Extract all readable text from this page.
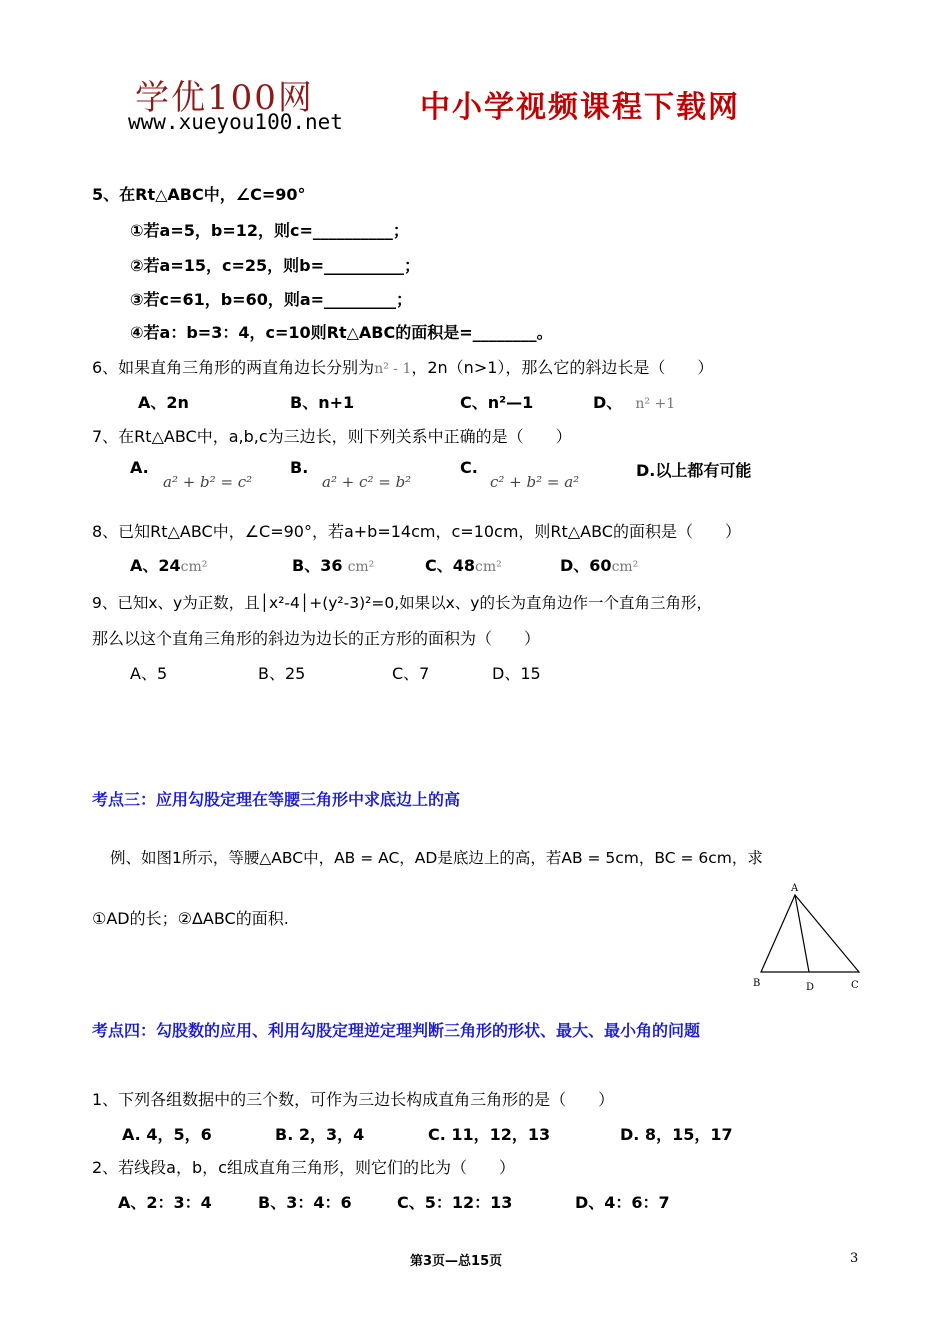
学优100网
www.xueyou100.net	中小学视频课程下载网
5、在Rt△ABC中，∠C=90°
①若a=5，b=12，则c=__________；
②若a=15，c=25，则b=__________；
③若c=61，b=60，则a=_________；
④若a：b=3：4，c=10则Rt△ABC的面积是=________。
6、如果直角三角形的两直角边长分别为n² - 1，2n（n>1），那么它的斜边长是（　　）
A、2n	B、n+1	C、n²—1	D、 n² +1
7、在Rt△ABC中，a,b,c为三边长，则下列关系中正确的是（　　）
A.
a² + b² = c²
B.
a² + c² = b²
C.
c² + b² = a²
D.以上都有可能
8、已知Rt△ABC中，∠C=90°，若a+b=14cm，c=10cm，则Rt△ABC的面积是（　　）
A、24cm²	B、36 cm²	C、48cm²	D、60cm²
9、已知x、y为正数，且│x²-4│+(y²-3)²=0,如果以x、y的长为直角边作一个直角三角形，
那么以这个直角三角形的斜边为边长的正方形的面积为（　　）
A、5	B、25	C、7	D、15
考点三：应用勾股定理在等腰三角形中求底边上的高
例、如图1所示，等腰△ABC中，AB = AC，AD是底边上的高，若AB = 5cm，BC = 6cm，求
①AD的长；②ΔABC的面积.
A
B	D	C
考点四：勾股数的应用、利用勾股定理逆定理判断三角形的形状、最大、最小角的问题
1、下列各组数据中的三个数，可作为三边长构成直角三角形的是（　　）
A. 4，5，6	B. 2，3，4	C. 11，12，13	D. 8，15，17
2、若线段a，b，c组成直角三角形，则它们的比为（　　）
A、2：3：4	B、3：4：6	C、5：12：13	D、4：6：7
第3页—总15页	3
